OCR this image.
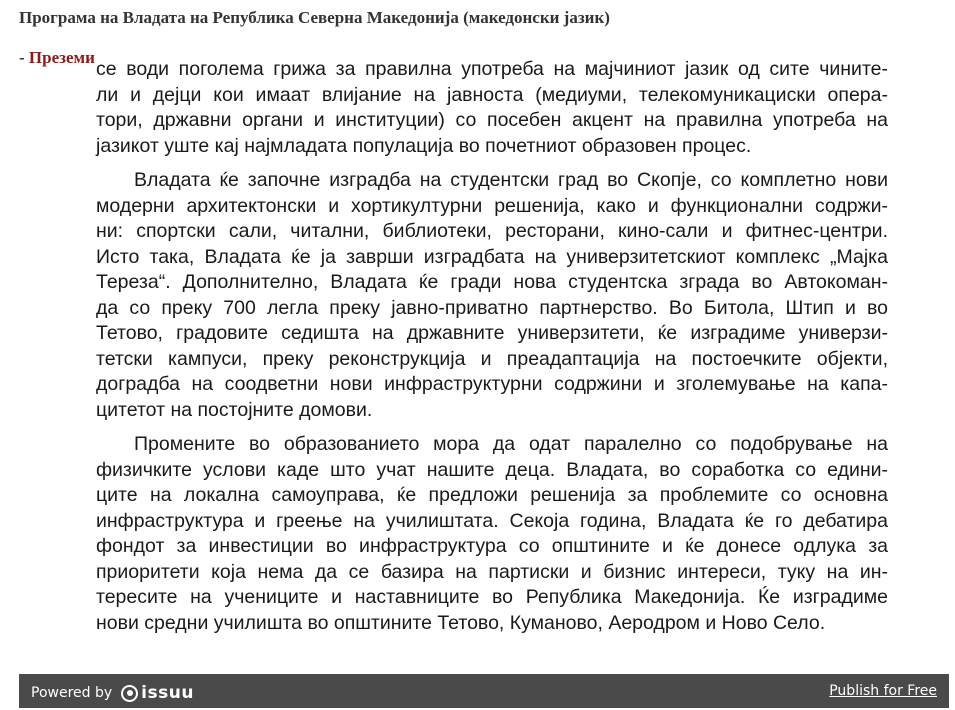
Програма на Владата на Република Северна Македонија (македонски јазик)
- Преземи
се води поголема грижа за правилна употреба на мајчиниот јазик од сите чините-
ли и дејци кои имаат влијание на јавноста (медиуми, телекомуникациски опера-
тори, државни органи и институции) со посебен акцент на правилна употреба на
јазикот уште кај најмладата популација во почетниот образовен процес.
Владата ќе започне изградба на студентски град во Скопје, со комплетно нови
модерни архитектонски и хортикултурни решенија, како и функционални содржи-
ни: спортски сали, читални, библиотеки, ресторани, кино-сали и фитнес-центри.
Исто така, Владата ќе ја заврши изградбата на универзитетскиот комплекс „Мајка
Тереза“. Дополнително, Владата ќе гради нова студентска зграда во Автокоман-
да со преку 700 легла преку јавно-приватно партнерство. Во Битола, Штип и во
Тетово, градовите седишта на државните универзитети, ќе изградиме универзи-
тетски кампуси, преку реконструкција и преадаптација на постоечките објекти,
доградба на соодветни нови инфраструктурни содржини и зголемување на капа-
цитетот на постојните домови.
Промените во образованието мора да одат паралелно со подобрување на
физичките услови каде што учат нашите деца. Владата, во соработка со едини-
ците на локална самоуправа, ќе предложи решенија за проблемите со основна
инфраструктура и греење на училиштата. Секоја година, Владата ќе го дебатира
фондот за инвестиции во инфраструктура со општините и ќе донесе одлука за
приоритети која нема да се базира на партиски и бизнис интереси, туку на ин-
тересите на учениците и наставниците во Република Македонија. Ќе изградиме
нови средни училишта во општините Тетово, Куманово, Аеродром и Ново Село.
Powered by issuu	Publish for Free
